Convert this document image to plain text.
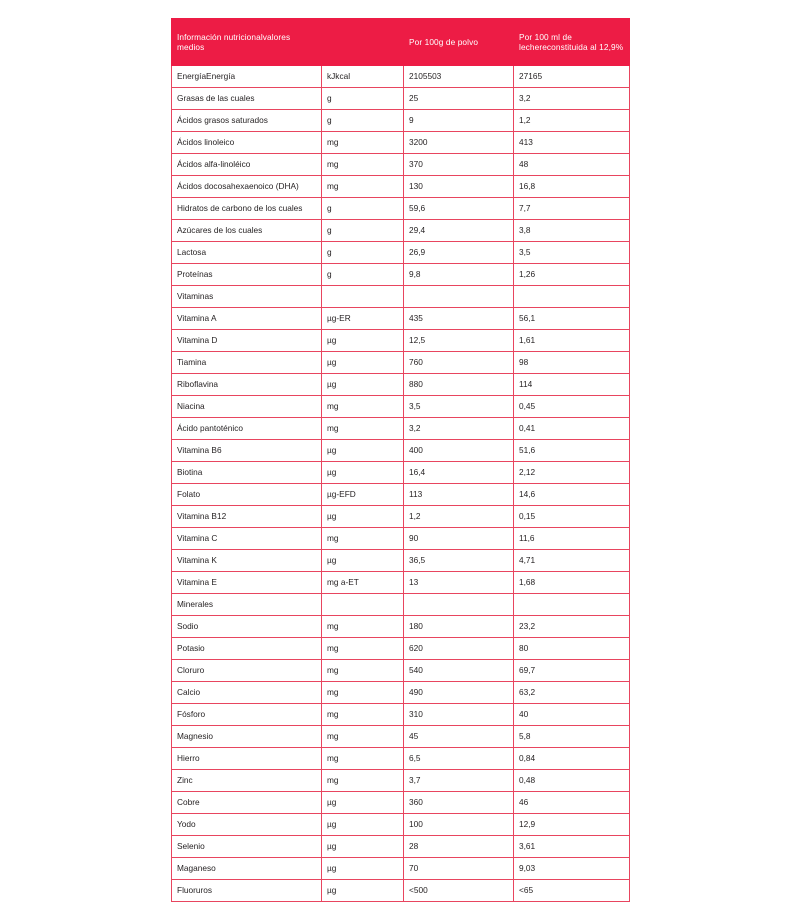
Información nutricionalvalores medios		Por 100g de polvo	Por 100 ml de lechereconstituida al 12,9%
EnergíaEnergía	kJkcal	2105503	27165
Grasas de las cuales	g	25	3,2
Ácidos grasos saturados	g	9	1,2
Ácidos linoleico	mg	3200	413
Ácidos alfa-linoléico	mg	370	48
Ácidos docosahexaenoico (DHA)	mg	130	16,8
Hidratos de carbono de los cuales	g	59,6	7,7
Azúcares de los cuales	g	29,4	3,8
Lactosa	g	26,9	3,5
Proteínas	g	9,8	1,26
Vitaminas			
Vitamina A	µg-ER	435	56,1
Vitamina D	µg	12,5	1,61
Tiamina	µg	760	98
Riboflavina	µg	880	114
Niacina	mg	3,5	0,45
Ácido pantoténico	mg	3,2	0,41
Vitamina B6	µg	400	51,6
Biotina	µg	16,4	2,12
Folato	µg-EFD	113	14,6
Vitamina B12	µg	1,2	0,15
Vitamina C	mg	90	11,6
Vitamina K	µg	36,5	4,71
Vitamina E	mg a-ET	13	1,68
Minerales			
Sodio	mg	180	23,2
Potasio	mg	620	80
Cloruro	mg	540	69,7
Calcio	mg	490	63,2
Fósforo	mg	310	40
Magnesio	mg	45	5,8
Hierro	mg	6,5	0,84
Zinc	mg	3,7	0,48
Cobre	µg	360	46
Yodo	µg	100	12,9
Selenio	µg	28	3,61
Maganeso	µg	70	9,03
Fluoruros	µg	<500	<65
